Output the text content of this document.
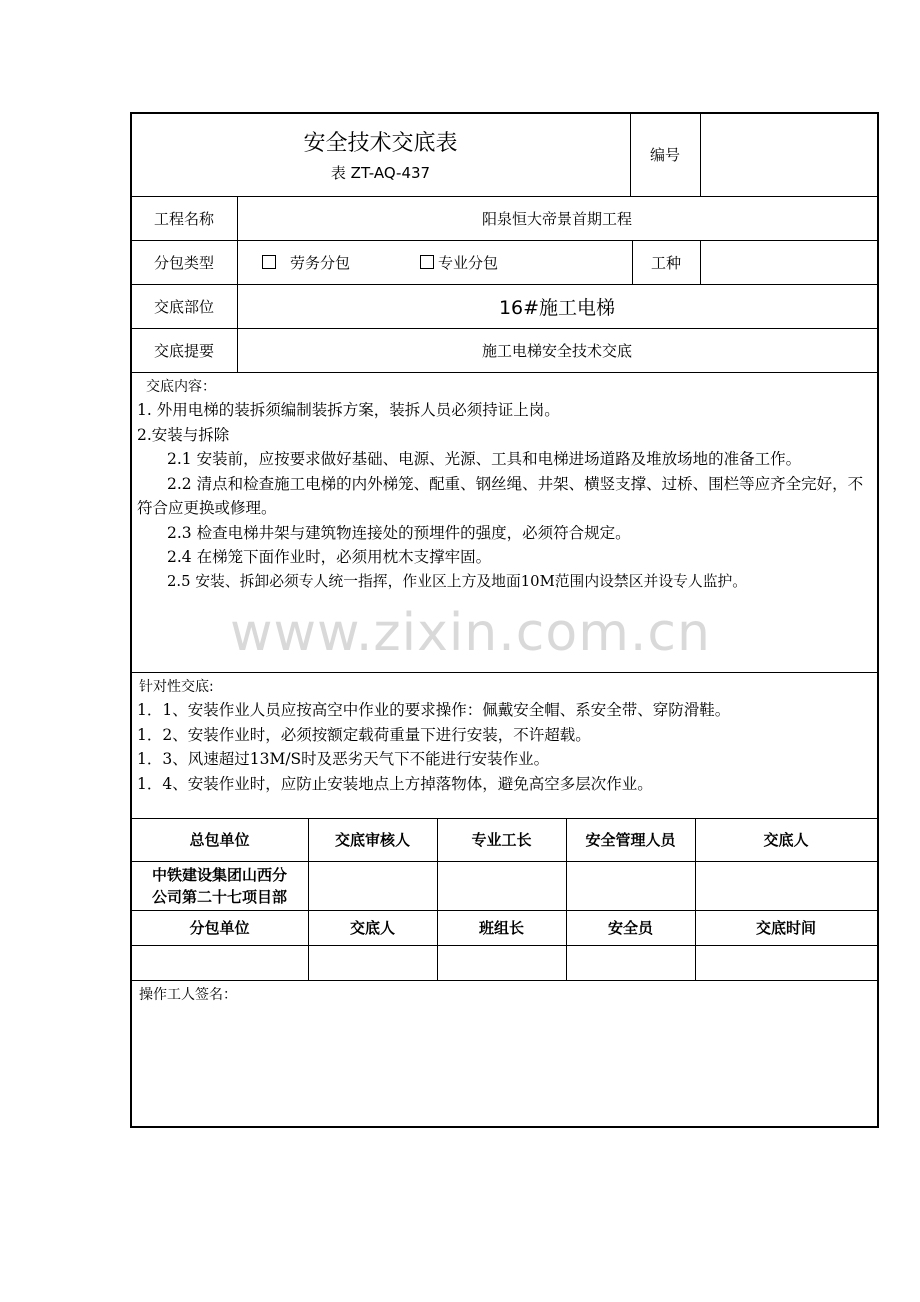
安全技术交底表
表 ZT-AQ-437
编号
工程名称	阳泉恒大帝景首期工程
分包类型	劳务分包	专业分包	工种
交底部位	16#施工电梯
交底提要	施工电梯安全技术交底
交底内容：

1. 外用电梯的装拆须编制装拆方案，装拆人员必须持证上岗。

2.安装与拆除

2.1 安装前，应按要求做好基础、电源、光源、工具和电梯进场道路及堆放场地的准备工作。

2.2 清点和检查施工电梯的内外梯笼、配重、钢丝绳、井架、横竖支撑、过桥、围栏等应齐全完好，不符合应更换或修理。

2.3 检查电梯井架与建筑物连接处的预埋件的强度，必须符合规定。

2.4 在梯笼下面作业时，必须用枕木支撑牢固。

2.5 安装、拆卸必须专人统一指挥，作业区上方及地面10M范围内设禁区并设专人监护。

www.zixin.com.cn
针对性交底:

1．1、安装作业人员应按高空中作业的要求操作：佩戴安全帽、系安全带、穿防滑鞋。

1．2、安装作业时，必须按额定载荷重量下进行安装，不许超载。

1．3、风速超过13M/S时及恶劣天气下不能进行安装作业。

1．4、安装作业时，应防止安装地点上方掉落物体，避免高空多层次作业。

总包单位	交底审核人	专业工长	安全管理人员	交底人
中铁建设集团山西分
公司第二十七项目部
分包单位	交底人	班组长	安全员	交底时间
操作工人签名：
